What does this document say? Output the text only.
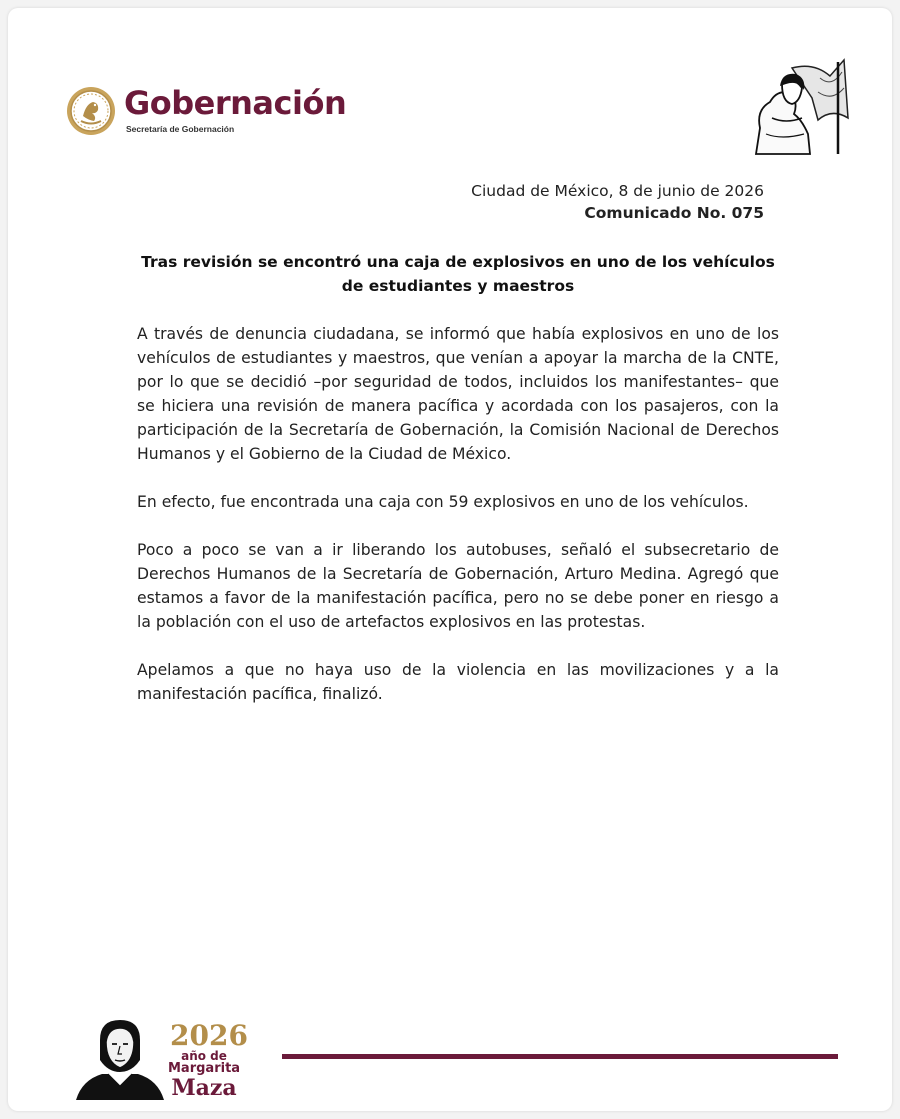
Gobernación
Secretaría de Gobernación
Ciudad de México, 8 de junio de 2026
Comunicado No. 075
Tras revisión se encontró una caja de explosivos en uno de los vehículos de estudiantes y maestros

A través de denuncia ciudadana, se informó que había explosivos en uno de los vehículos de estudiantes y maestros, que venían a apoyar la marcha de la CNTE, por lo que se decidió –por seguridad de todos, incluidos los manifestantes– que se hiciera una revisión de manera pacífica y acordada con los pasajeros, con la participación de la Secretaría de Gobernación, la Comisión Nacional de Derechos Humanos y el Gobierno de la Ciudad de México.

En efecto, fue encontrada una caja con 59 explosivos en uno de los vehículos.

Poco a poco se van a ir liberando los autobuses, señaló el subsecretario de Derechos Humanos de la Secretaría de Gobernación, Arturo Medina. Agregó que estamos a favor de la manifestación pacífica, pero no se debe poner en riesgo a la población con el uso de artefactos explosivos en las protestas.

Apelamos a que no haya uso de la violencia en las movilizaciones y a la manifestación pacífica, finalizó.

2026
año de
Margarita
Maza
